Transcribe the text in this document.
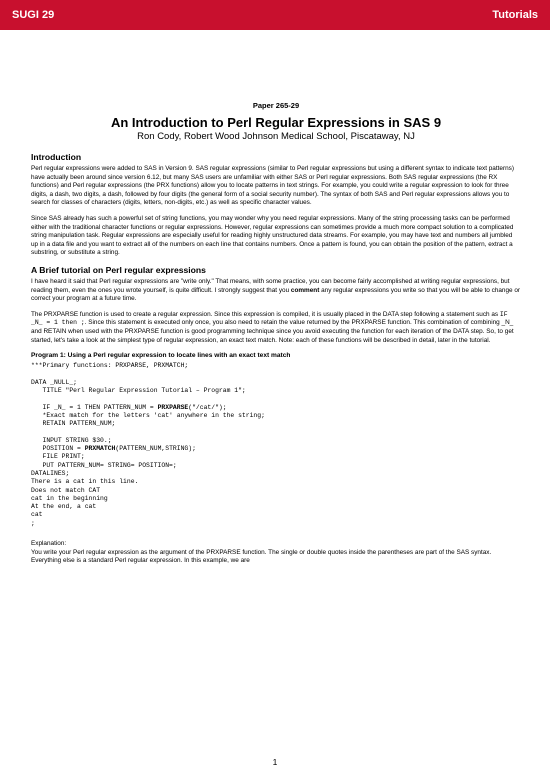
SUGI 29	Tutorials
Paper 265-29
An Introduction to Perl Regular Expressions in SAS 9
Ron Cody, Robert Wood Johnson Medical School, Piscataway, NJ
Introduction

Perl regular expressions were added to SAS in Version 9. SAS regular expressions (similar to Perl regular expressions but using a different syntax to indicate text patterns) have actually been around since version 6.12, but many SAS users are unfamiliar with either SAS or Perl regular expressions. Both SAS regular expressions (the RX functions) and Perl regular expressions (the PRX functions) allow you to locate patterns in text strings. For example, you could write a regular expression to look for three digits, a dash, two digits, a dash, followed by four digits (the general form of a social security number). The syntax of both SAS and Perl regular expressions allows you to search for classes of characters (digits, letters, non-digits, etc.) as well as specific character values.

Since SAS already has such a powerful set of string functions, you may wonder why you need regular expressions. Many of the string processing tasks can be performed either with the traditional character functions or regular expressions. However, regular expressions can sometimes provide a much more compact solution to a complicated string manipulation task. Regular expressions are especially useful for reading highly unstructured data streams. For example, you may have text and numbers all jumbled up in a data file and you want to extract all of the numbers on each line that contains numbers. Once a pattern is found, you can obtain the position of the pattern, extract a substring, or substitute a string.

A Brief tutorial on Perl regular expressions

I have heard it said that Perl regular expressions are "write only." That means, with some practice, you can become fairly accomplished at writing regular expressions, but reading them, even the ones you wrote yourself, is quite difficult. I strongly suggest that you comment any regular expressions you write so that you will be able to change or correct your program at a future time.

The PRXPARSE function is used to create a regular expression. Since this expression is compiled, it is usually placed in the DATA step following a statement such as IF _N_ = 1 then ;. Since this statement is executed only once, you also need to retain the value returned by the PRXPARSE function. This combination of combining _N_ and RETAIN when used with the PRXPARSE function is good programming technique since you avoid executing the function for each iteration of the DATA step. So, to get started, let's take a look at the simplest type of regular expression, an exact text match. Note: each of these functions will be described in detail, later in the tutorial.

Program 1: Using a Perl regular expression to locate lines with an exact text match
***Primary functions: PRXPARSE, PRXMATCH;
DATA _NULL_;
TITLE "Perl Regular Expression Tutorial – Program 1";
IF _N_ = 1 THEN PATTERN_NUM = PRXPARSE("/cat/");
*Exact match for the letters 'cat' anywhere in the string;
RETAIN PATTERN_NUM;
INPUT STRING $30.;
POSITION = PRXMATCH(PATTERN_NUM,STRING);
FILE PRINT;
PUT PATTERN_NUM= STRING= POSITION=;
DATALINES;
There is a cat in this line.
Does not match CAT
cat in the beginning
At the end, a cat
cat
;

Explanation:
You write your Perl regular expression as the argument of the PRXPARSE function. The single or double quotes inside the parentheses are part of the SAS syntax. Everything else is a standard Perl regular expression. In this example, we are

1
